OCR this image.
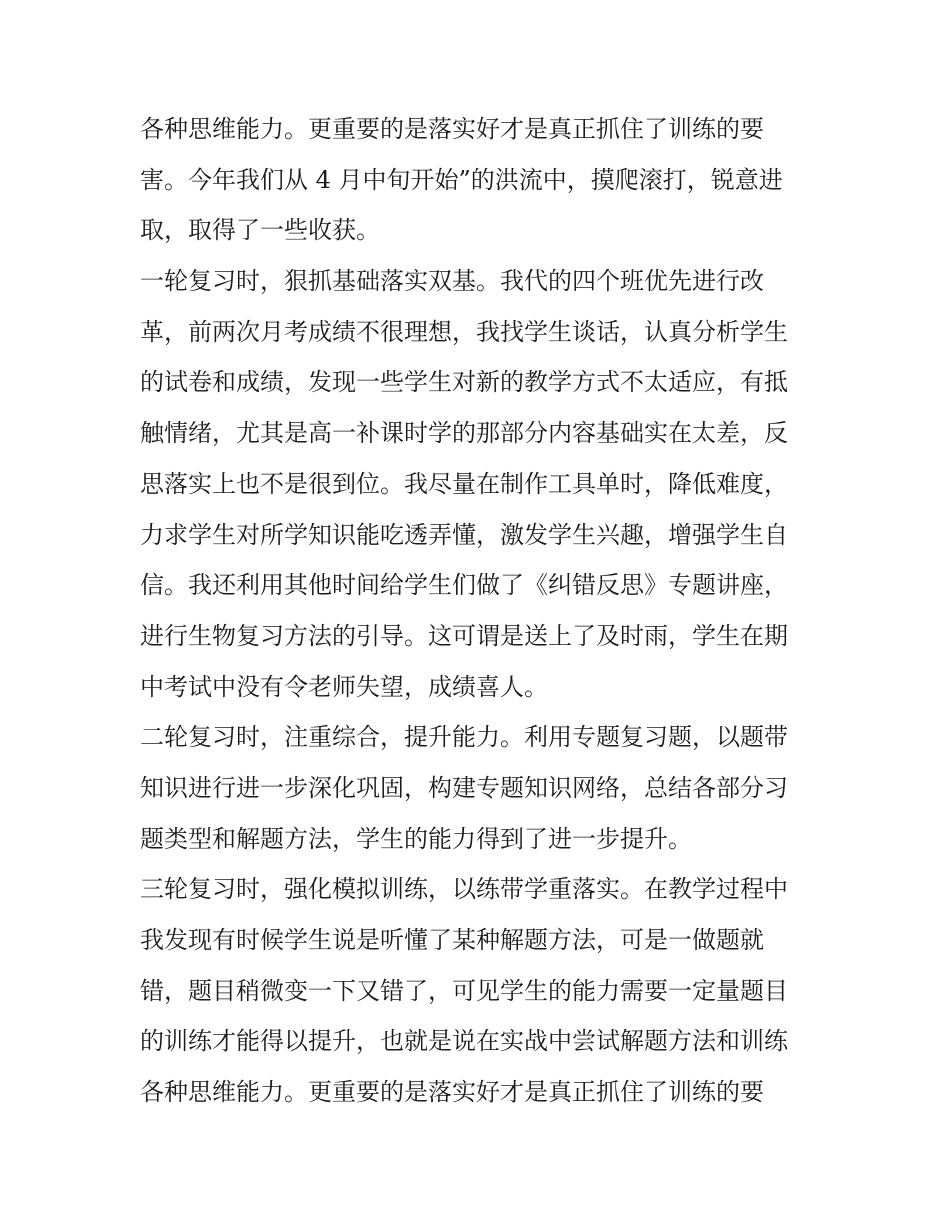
各种思维能力。更重要的是落实好才是真正抓住了训练的要
害。今年我们从 4 月中旬开始”的洪流中，摸爬滚打，锐意进
取，取得了一些收获。
一轮复习时，狠抓基础落实双基。我代的四个班优先进行改
革，前两次月考成绩不很理想，我找学生谈话，认真分析学生
的试卷和成绩，发现一些学生对新的教学方式不太适应，有抵
触情绪，尤其是高一补课时学的那部分内容基础实在太差，反
思落实上也不是很到位。我尽量在制作工具单时，降低难度，
力求学生对所学知识能吃透弄懂，激发学生兴趣，增强学生自
信。我还利用其他时间给学生们做了《纠错反思》专题讲座，
进行生物复习方法的引导。这可谓是送上了及时雨，学生在期
中考试中没有令老师失望，成绩喜人。
二轮复习时，注重综合，提升能力。利用专题复习题，以题带
知识进行进一步深化巩固，构建专题知识网络，总结各部分习
题类型和解题方法，学生的能力得到了进一步提升。
三轮复习时，强化模拟训练，以练带学重落实。在教学过程中
我发现有时候学生说是听懂了某种解题方法，可是一做题就
错，题目稍微变一下又错了，可见学生的能力需要一定量题目
的训练才能得以提升，也就是说在实战中尝试解题方法和训练
各种思维能力。更重要的是落实好才是真正抓住了训练的要
